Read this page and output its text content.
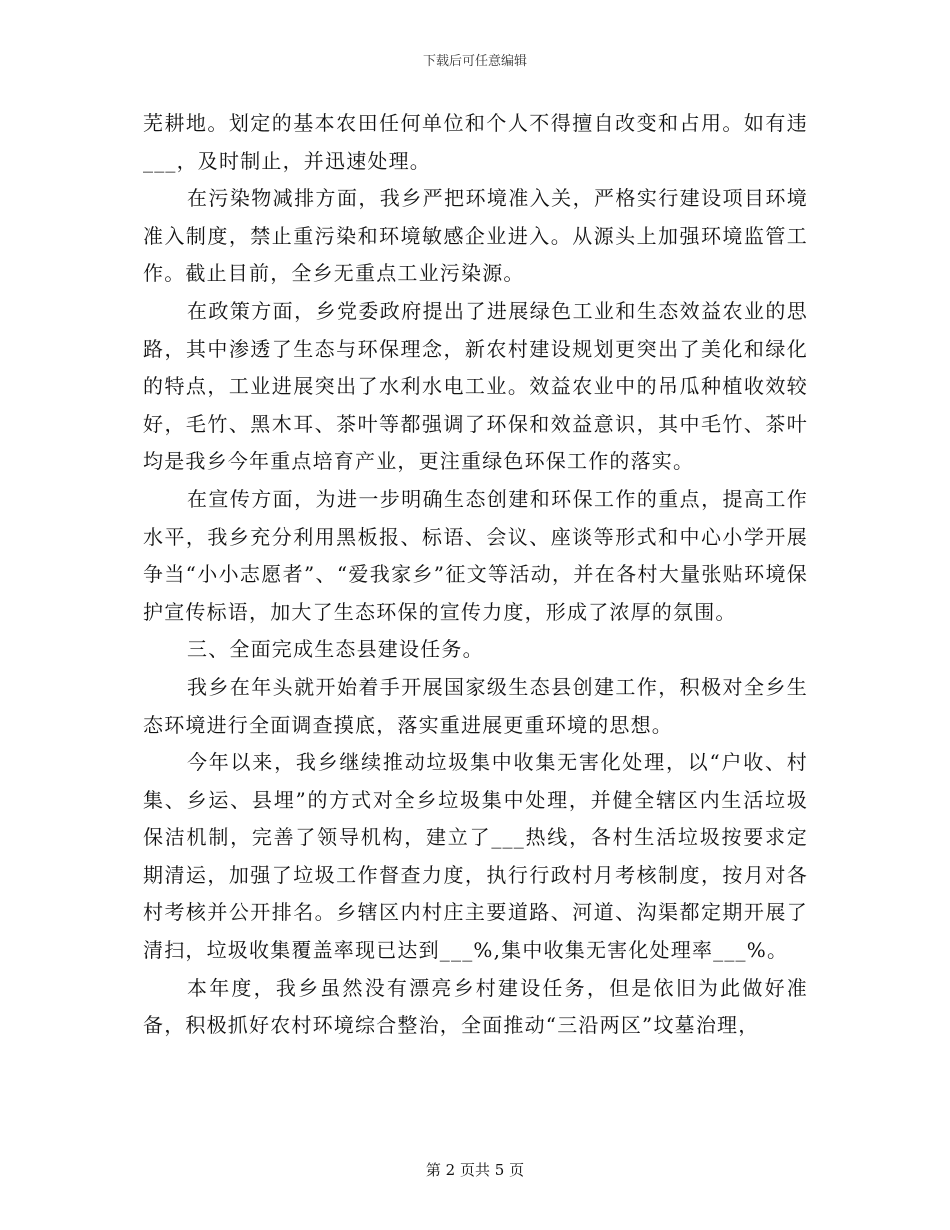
下载后可任意编辑

芜耕地。划定的基本农田任何单位和个人不得擅自改变和占用。如有违___，及时制止，并迅速处理。

在污染物减排方面，我乡严把环境准入关，严格实行建设项目环境准入制度，禁止重污染和环境敏感企业进入。从源头上加强环境监管工作。截止目前，全乡无重点工业污染源。

在政策方面，乡党委政府提出了进展绿色工业和生态效益农业的思路，其中渗透了生态与环保理念，新农村建设规划更突出了美化和绿化的特点，工业进展突出了水利水电工业。效益农业中的吊瓜种植收效较好，毛竹、黑木耳、茶叶等都强调了环保和效益意识，其中毛竹、茶叶均是我乡今年重点培育产业，更注重绿色环保工作的落实。

在宣传方面，为进一步明确生态创建和环保工作的重点，提高工作水平，我乡充分利用黑板报、标语、会议、座谈等形式和中心小学开展争当“小小志愿者”、“爱我家乡”征文等活动，并在各村大量张贴环境保护宣传标语，加大了生态环保的宣传力度，形成了浓厚的氛围。

三、全面完成生态县建设任务。

我乡在年头就开始着手开展国家级生态县创建工作，积极对全乡生态环境进行全面调查摸底，落实重进展更重环境的思想。

今年以来，我乡继续推动垃圾集中收集无害化处理，以“户收、村集、乡运、县埋”的方式对全乡垃圾集中处理，并健全辖区内生活垃圾保洁机制，完善了领导机构，建立了___热线，各村生活垃圾按要求定期清运，加强了垃圾工作督查力度，执行行政村月考核制度，按月对各村考核并公开排名。乡辖区内村庄主要道路、河道、沟渠都定期开展了清扫，垃圾收集覆盖率现已达到___%,集中收集无害化处理率___%。

本年度，我乡虽然没有漂亮乡村建设任务，但是依旧为此做好准备，积极抓好农村环境综合整治，全面推动“三沿两区”坟墓治理，

第 2 页共 5 页
